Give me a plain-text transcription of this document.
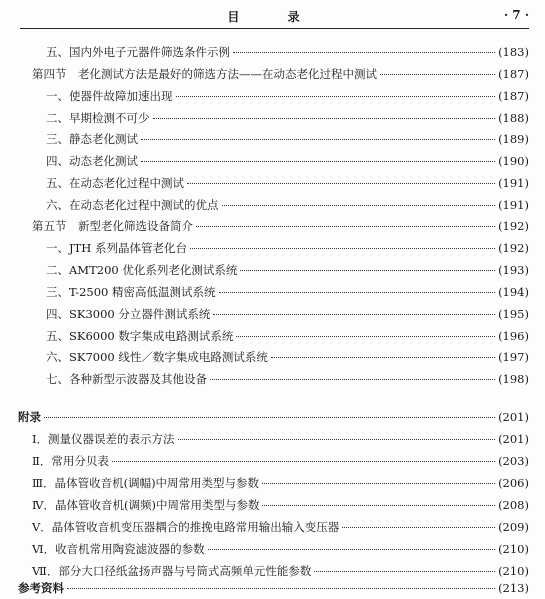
目 录	· 7 ·
五、国内外电子元器件筛选条件示例	(183)
第四节　老化测试方法是最好的筛选方法——在动态老化过程中测试	(187)
一、使器件故障加速出现	(187)
二、早期检测不可少	(188)
三、静态老化测试	(189)
四、动态老化测试	(190)
五、在动态老化过程中测试	(191)
六、在动态老化过程中测试的优点	(191)
第五节　新型老化筛选设备简介	(192)
一、JTH 系列晶体管老化台	(192)
二、AMT200 优化系列老化测试系统	(193)
三、T-2500 精密高低温测试系统	(194)
四、SK3000 分立器件测试系统	(195)
五、SK6000 数字集成电路测试系统	(196)
六、SK7000 线性／数字集成电路测试系统	(197)
七、各种新型示波器及其他设备	(198)
附录	(201)
Ⅰ．测量仪器误差的表示方法	(201)
Ⅱ．常用分贝表	(203)
Ⅲ．晶体管收音机(调幅)中周常用类型与参数	(206)
Ⅳ．晶体管收音机(调频)中周常用类型与参数	(208)
Ⅴ．晶体管收音机变压器耦合的推挽电路常用输出输入变压器	(209)
Ⅵ．收音机常用陶瓷滤波器的参数	(210)
Ⅶ．部分大口径纸盆扬声器与号筒式高频单元性能参数	(210)
参考资料	(213)
